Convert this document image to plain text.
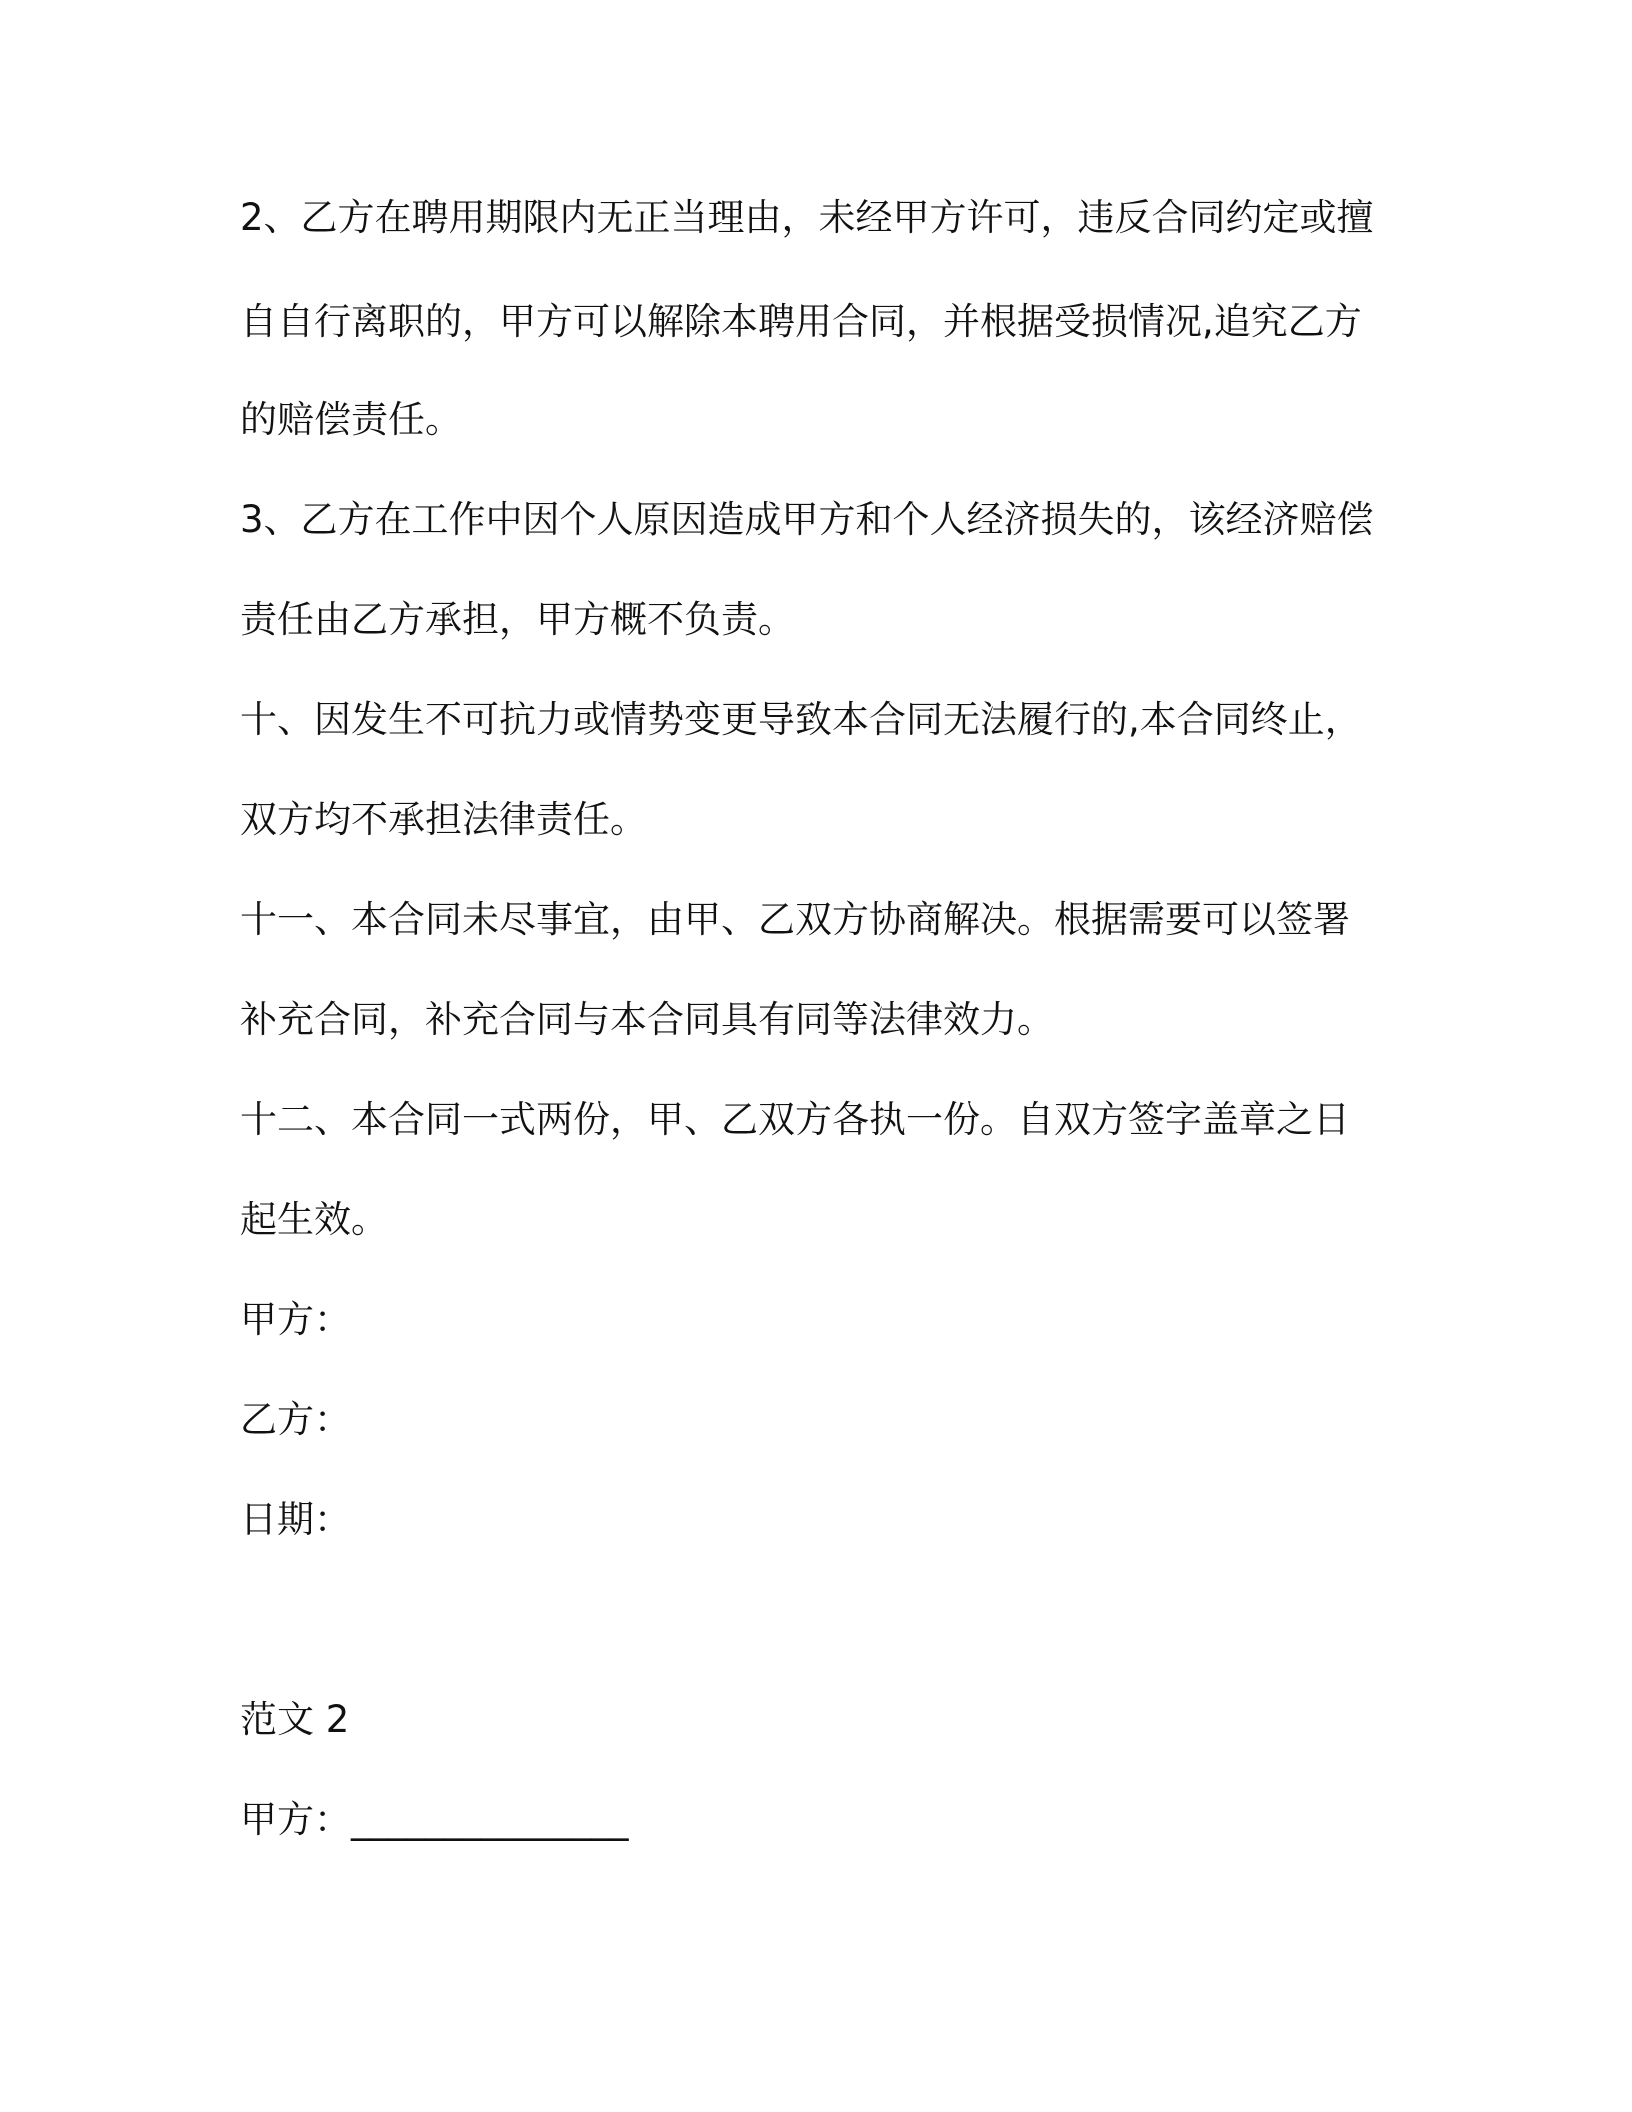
2、乙方在聘用期限内无正当理由，未经甲方许可，违反合同约定或擅
自自行离职的，甲方可以解除本聘用合同，并根据受损情况,追究乙方
的赔偿责任。
3、乙方在工作中因个人原因造成甲方和个人经济损失的，该经济赔偿
责任由乙方承担，甲方概不负责。
十、因发生不可抗力或情势变更导致本合同无法履行的,本合同终止，
双方均不承担法律责任。
十一、本合同未尽事宜，由甲、乙双方协商解决。根据需要可以签署
补充合同，补充合同与本合同具有同等法律效力。
十二、本合同一式两份，甲、乙双方各执一份。自双方签字盖章之日
起生效。
甲方：
乙方：
日期：
范文 2
甲方：_______________
